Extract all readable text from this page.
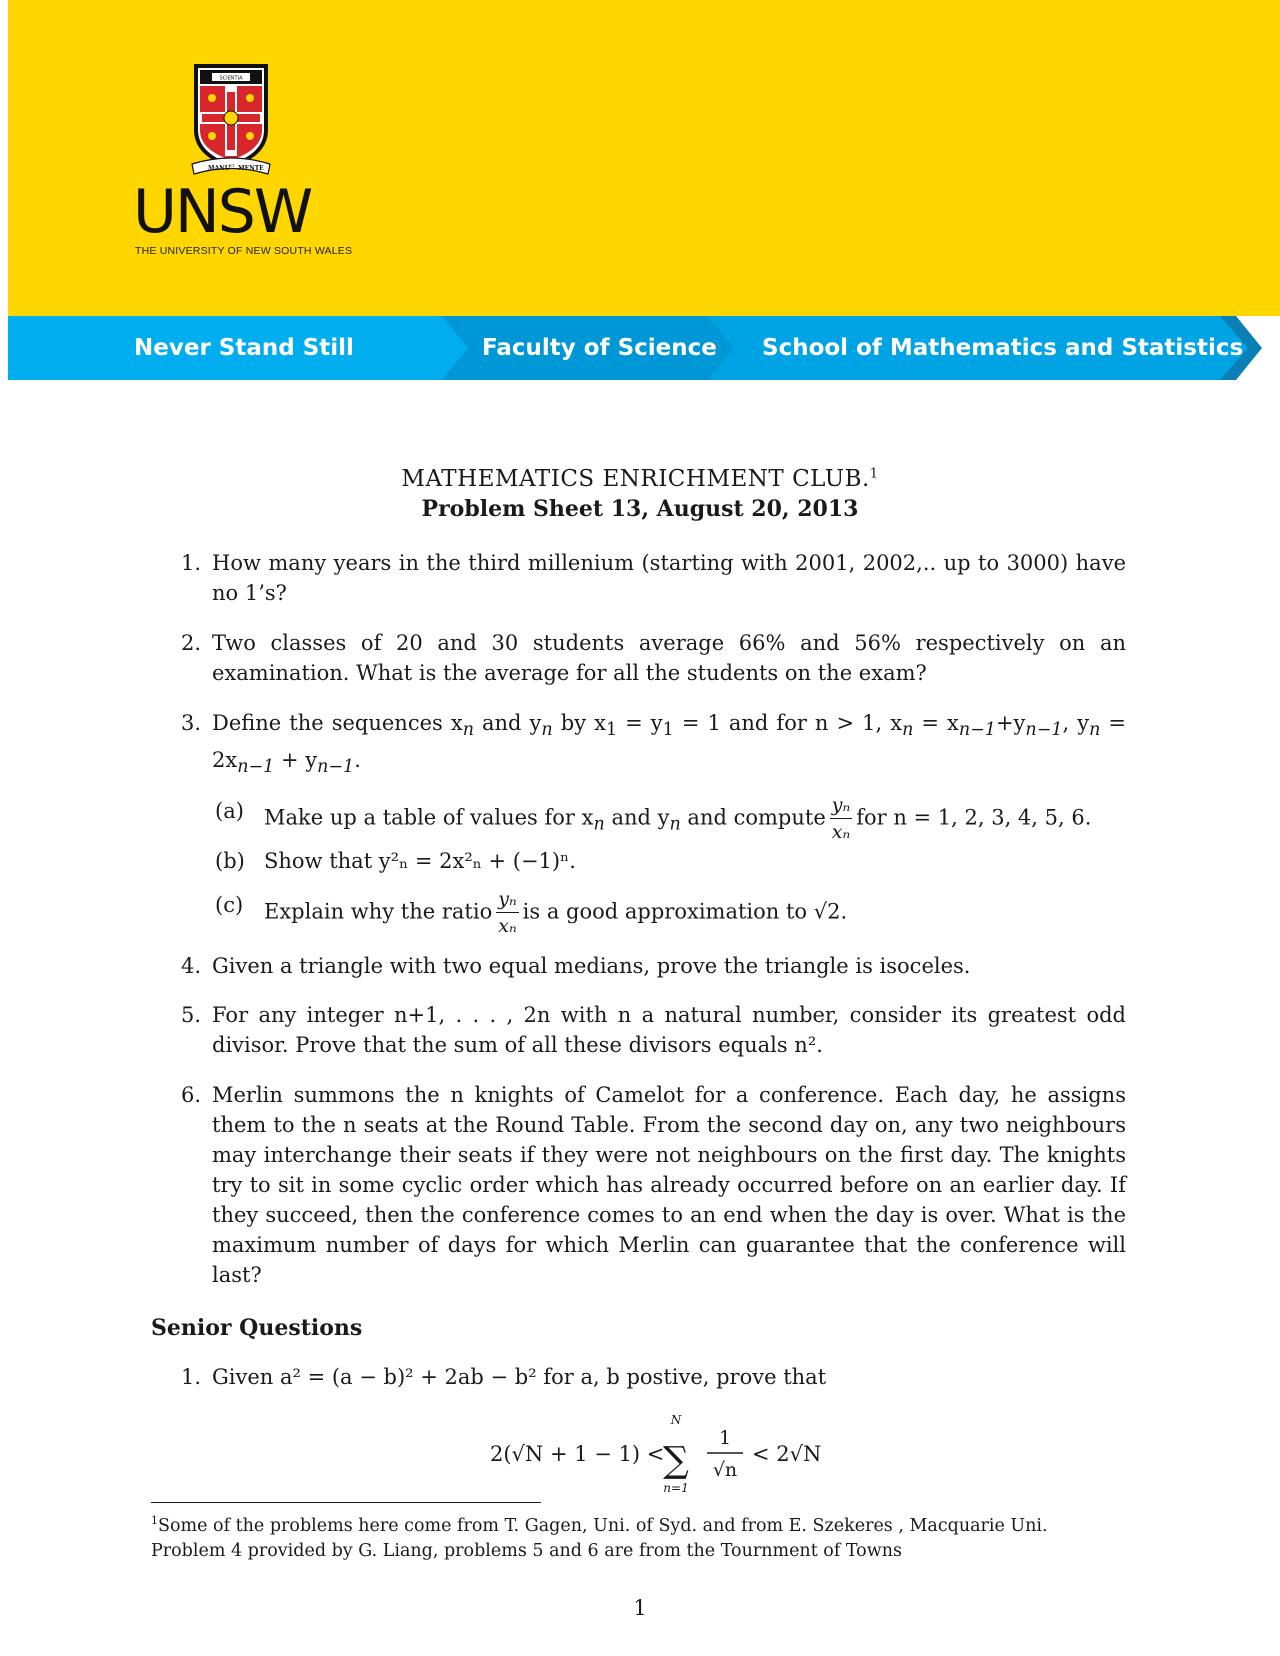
SCIENTIA
MANU
ET MENTE
UNSW
THE UNIVERSITY OF NEW SOUTH WALES
Never Stand Still	Faculty of Science School of Mathematics and Statistics
MATHEMATICS ENRICHMENT CLUB.$^1$
Problem Sheet 13, August 20, 2013
1. How many years in the third millenium (starting with 2001, 2002,.. up to 3000) have no 1’s?
2. Two classes of 20 and 30 students average 66% and 56% respectively on an examination. What is the average for all the students on the exam?
3. Define the sequences $x_n$ and $y_n$ by $x_1 = y_1 = 1$ and for n > 1, $x_n = x_{n-1}+y_{n-1}$, $y_n = 2x_{n-1} + y_{n-1}$.
(a) Make up a table of values for $x_n$ and $y_n$ and compute $\frac{\text{yₙ}}{\text{xₙ}}$ for n = 1, 2, 3, 4, 5, 6.
(b) Show that y²ₙ = 2x²ₙ + (−1)ⁿ.
(c) Explain why the ratio $\frac{\text{yₙ}}{\text{xₙ}}$ is a good approximation to √2.
4. Given a triangle with two equal medians, prove the triangle is isoceles.
5. For any integer n+1, . . . , 2n with n a natural number, consider its greatest odd divisor. Prove that the sum of all these divisors equals n².
6. Merlin summons the n knights of Camelot for a conference. Each day, he assigns them to the n seats at the Round Table. From the second day on, any two neighbours may interchange their seats if they were not neighbours on the first day. The knights try to sit in some cyclic order which has already occurred before on an earlier day. If they succeed, then the conference comes to an end when the day is over. What is the maximum number of days for which Merlin can guarantee that the conference will last?
Senior Questions
1. Given a² = (a − b)² + 2ab − b² for a, b postive, prove that
2(√N + 1 − 1) <
N
∑
n=1
1
√n
< 2√N
$^1$Some of the problems here come from T. Gagen, Uni. of Syd. and from E. Szekeres , Macquarie Uni.
Problem 4 provided by G. Liang, problems 5 and 6 are from the Tournment of Towns
1
